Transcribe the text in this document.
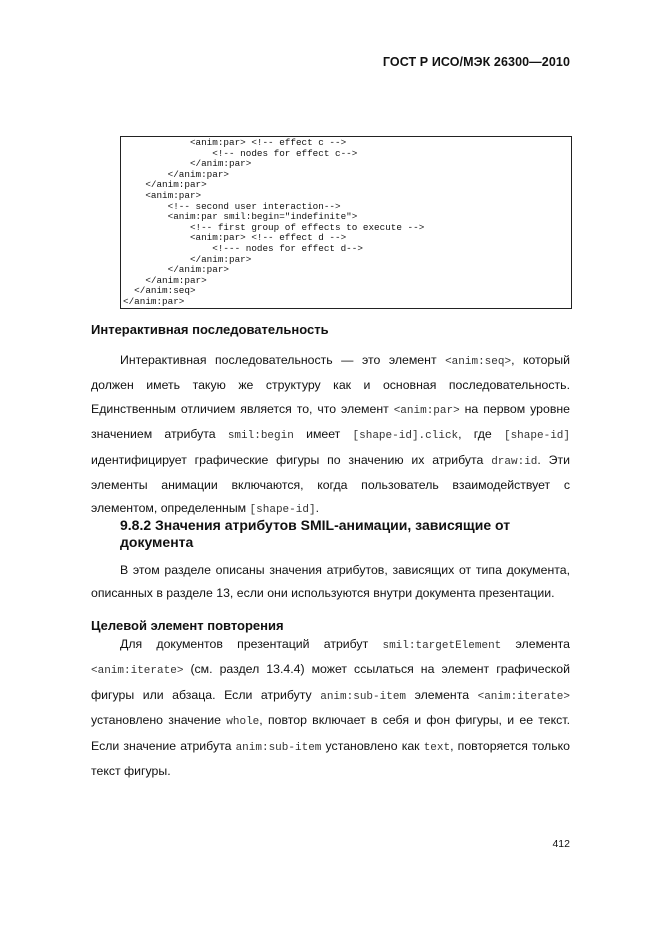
ГОСТ Р ИСО/МЭК 26300—2010
<anim:par> <!-- effect c -->
<!-- nodes for effect c-->
</anim:par>
</anim:par>
</anim:par>
<anim:par>
<!-- second user interaction-->
<anim:par smil:begin="indefinite">
<!-- first group of effects to execute -->
<anim:par> <!-- effect d -->
<!--- nodes for effect d-->
</anim:par>
</anim:par>
</anim:par>
</anim:seq>
</anim:par>
Интерактивная последовательность
Интерактивная последовательность — это элемент <anim:seq>, который должен иметь такую же структуру как и основная последовательность. Единственным отличием является то, что элемент <anim:par> на первом уровне значением атрибута smil:begin имеет [shape-id].click, где [shape-id] идентифицирует графические фигуры по значению их атрибута draw:id. Эти элементы анимации включаются, когда пользователь взаимодействует с элементом, определенным [shape-id].
9.8.2 Значения атрибутов SMIL-анимации, зависящие от документа
В этом разделе описаны значения атрибутов, зависящих от типа документа, описанных в разделе 13, если они используются внутри документа презентации.
Целевой элемент повторения
Для документов презентаций атрибут smil:targetElement элемента <anim:iterate> (см. раздел 13.4.4) может ссылаться на элемент графической фигуры или абзаца. Если атрибуту anim:sub-item элемента <anim:iterate> установлено значение whole, повтор включает в себя и фон фигуры, и ее текст. Если значение атрибута anim:sub-item установлено как text, повторяется только текст фигуры.
412
